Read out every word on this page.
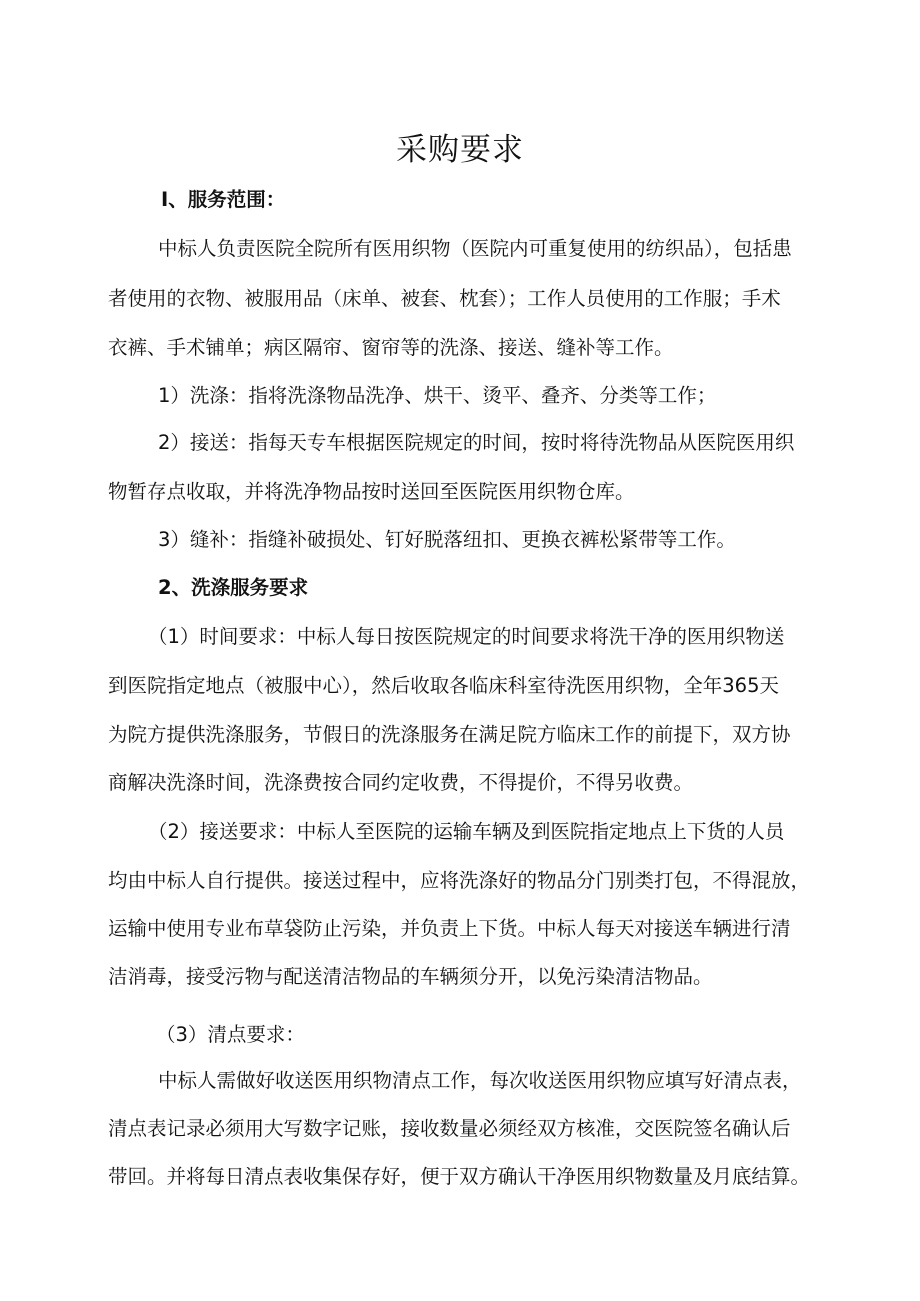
采购要求
I、服务范围：
中标人负责医院全院所有医用织物（医院内可重复使用的纺织品），包括患
者使用的衣物、被服用品（床单、被套、枕套）；工作人员使用的工作服；手术
衣裤、手术铺单；病区隔帘、窗帘等的洗涤、接送、缝补等工作。
1）洗涤：指将洗涤物品洗净、烘干、烫平、叠齐、分类等工作；
2）接送：指每天专车根据医院规定的时间，按时将待洗物品从医院医用织
物暂存点收取，并将洗净物品按时送回至医院医用织物仓库。
3）缝补：指缝补破损处、钉好脱落纽扣、更换衣裤松紧带等工作。
2、洗涤服务要求
（1）时间要求：中标人每日按医院规定的时间要求将洗干净的医用织物送
到医院指定地点（被服中心），然后收取各临床科室待洗医用织物，全年365天
为院方提供洗涤服务，节假日的洗涤服务在满足院方临床工作的前提下，双方协
商解决洗涤时间，洗涤费按合同约定收费，不得提价，不得另收费。
（2）接送要求：中标人至医院的运输车辆及到医院指定地点上下货的人员
均由中标人自行提供。接送过程中，应将洗涤好的物品分门别类打包，不得混放，
运输中使用专业布草袋防止污染，并负责上下货。中标人每天对接送车辆进行清
洁消毒，接受污物与配送清洁物品的车辆须分开，以免污染清洁物品。
（3）清点要求：
中标人需做好收送医用织物清点工作，每次收送医用织物应填写好清点表，
清点表记录必须用大写数字记账，接收数量必须经双方核准，交医院签名确认后
带回。并将每日清点表收集保存好，便于双方确认干净医用织物数量及月底结算。
